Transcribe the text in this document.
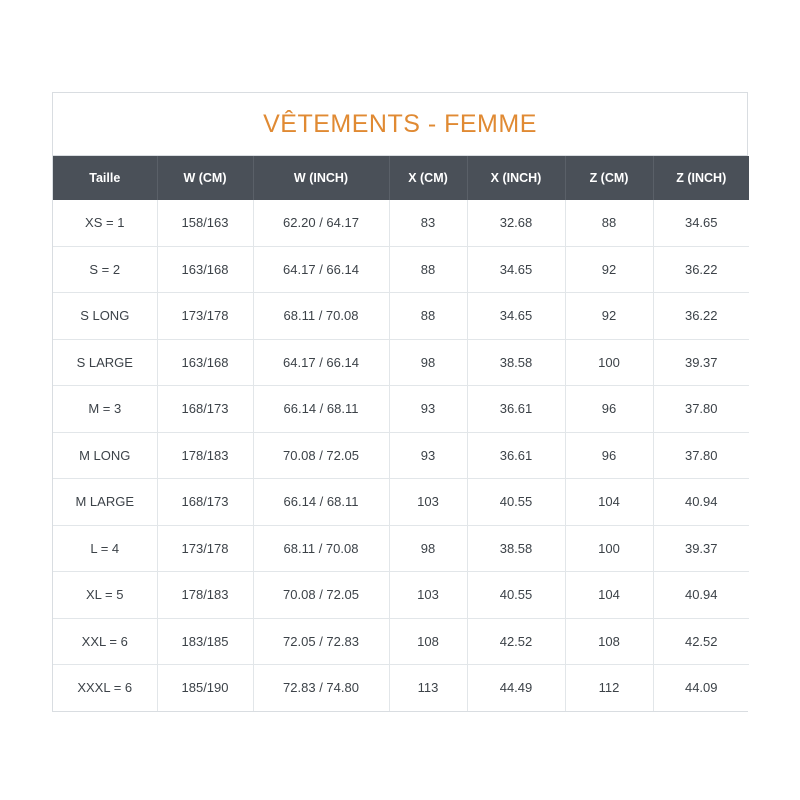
VÊTEMENTS - FEMME
Taille	W (CM)	W (INCH)	X (CM)	X (INCH)	Z (CM)	Z (INCH)
XS = 1	158/163	62.20 / 64.17	83	32.68	88	34.65
S = 2	163/168	64.17 / 66.14	88	34.65	92	36.22
S LONG	173/178	68.11 / 70.08	88	34.65	92	36.22
S LARGE	163/168	64.17 / 66.14	98	38.58	100	39.37
M = 3	168/173	66.14 / 68.11	93	36.61	96	37.80
M LONG	178/183	70.08 / 72.05	93	36.61	96	37.80
M LARGE	168/173	66.14 / 68.11	103	40.55	104	40.94
L = 4	173/178	68.11 / 70.08	98	38.58	100	39.37
XL = 5	178/183	70.08 / 72.05	103	40.55	104	40.94
XXL = 6	183/185	72.05 / 72.83	108	42.52	108	42.52
XXXL = 6	185/190	72.83 / 74.80	113	44.49	112	44.09
